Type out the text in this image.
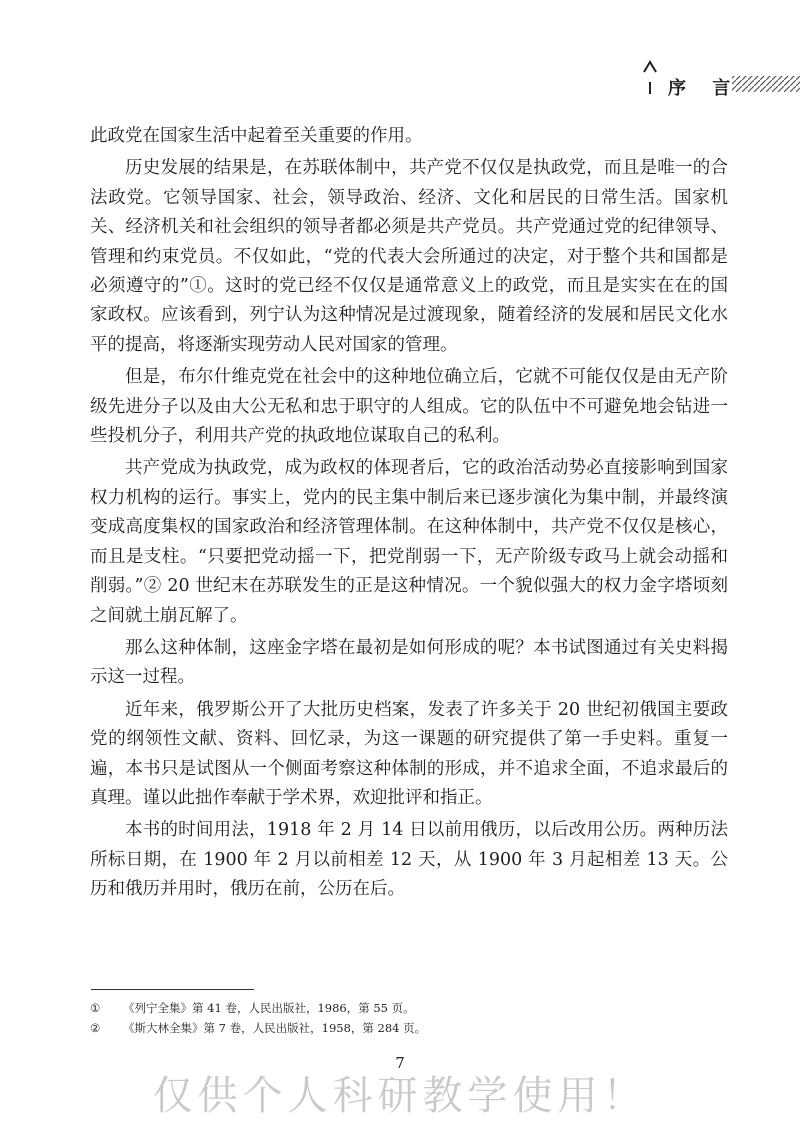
序 言

此政党在国家生活中起着至关重要的作用。

历史发展的结果是，在苏联体制中，共产党不仅仅是执政党，而且是唯一的合法政党。它领导国家、社会，领导政治、经济、文化和居民的日常生活。国家机关、经济机关和社会组织的领导者都必须是共产党员。共产党通过党的纪律领导、管理和约束党员。不仅如此，“党的代表大会所通过的决定，对于整个共和国都是必须遵守的”①。这时的党已经不仅仅是通常意义上的政党，而且是实实在在的国家政权。应该看到，列宁认为这种情况是过渡现象，随着经济的发展和居民文化水平的提高，将逐渐实现劳动人民对国家的管理。

但是，布尔什维克党在社会中的这种地位确立后，它就不可能仅仅是由无产阶级先进分子以及由大公无私和忠于职守的人组成。它的队伍中不可避免地会钻进一些投机分子，利用共产党的执政地位谋取自己的私利。

共产党成为执政党，成为政权的体现者后，它的政治活动势必直接影响到国家权力机构的运行。事实上，党内的民主集中制后来已逐步演化为集中制，并最终演变成高度集权的国家政治和经济管理体制。在这种体制中，共产党不仅仅是核心，而且是支柱。“只要把党动摇一下，把党削弱一下，无产阶级专政马上就会动摇和削弱。”② 20 世纪末在苏联发生的正是这种情况。一个貌似强大的权力金字塔顷刻之间就土崩瓦解了。

那么这种体制，这座金字塔在最初是如何形成的呢？本书试图通过有关史料揭示这一过程。

近年来，俄罗斯公开了大批历史档案，发表了许多关于 20 世纪初俄国主要政党的纲领性文献、资料、回忆录，为这一课题的研究提供了第一手史料。重复一遍，本书只是试图从一个侧面考察这种体制的形成，并不追求全面，不追求最后的真理。谨以此拙作奉献于学术界，欢迎批评和指正。

本书的时间用法，1918 年 2 月 14 日以前用俄历，以后改用公历。两种历法所标日期，在 1900 年 2 月以前相差 12 天，从 1900 年 3 月起相差 13 天。公历和俄历并用时，俄历在前，公历在后。

① 《列宁全集》第 41 卷，人民出版社，1986，第 55 页。
② 《斯大林全集》第 7 卷，人民出版社，1958，第 284 页。
7
仅供个人科研教学使用！
